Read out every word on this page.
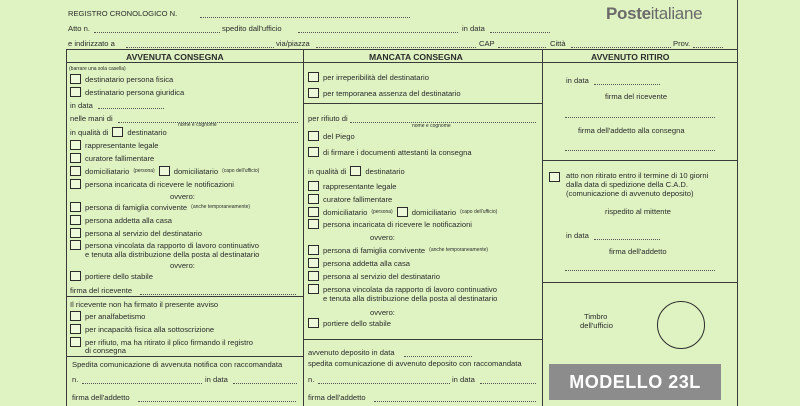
REGISTRO CRONOLOGICO N.
Atto n.	spedito dall'ufficio	in data
e indirizzato a	via/piazza	CAP	Città	Prov.
Posteitaliane
AVVENUTA CONSEGNA	MANCATA CONSEGNA	AVVENUTO RITIRO
(barrare una sola casella)
destinatario persona fisica
destinatario persona giuridica
in data
nelle mani di
nome e cognome
in qualità di	destinatario
rappresentante legale
curatore fallimentare
domiciliatario (persona)	domiciliatario (capo dell'ufficio)
persona incaricata di ricevere le notificazioni
ovvero:
persona di famiglia convivente (anche temporaneamente)
persona addetta alla casa
persona al servizio del destinatario
persona vincolata da rapporto di lavoro continuativo
e tenuta alla distribuzione della posta al destinatario
ovvero:
portiere dello stabile
firma del ricevente
Il ricevente non ha firmato il presente avviso
per analfabetismo
per incapacità fisica alla sottoscrizione
per rifiuto, ma ha ritirato il plico firmando il registro
di consegna
Spedita comunicazione di avvenuta notifica con raccomandata
n.	in data
firma dell'addetto
per irreperibilità del destinatario
per temporanea assenza del destinatario
per rifiuto di
nome e cognome
del Piego
di firmare i documenti attestanti la consegna
in qualità di	destinatario
rappresentante legale
curatore fallimentare
domiciliatario (persona)	domiciliatario (capo dell'ufficio)
persona incaricata di ricevere le notificazioni
ovvero:
persona di famiglia convivente (anche temporaneamente)
persona addetta alla casa
persona al servizio del destinatario
persona vincolata da rapporto di lavoro continuativo
e tenuta alla distribuzione della posta al destinatario
ovvero:
portiere dello stabile
avvenuto deposito in data
spedita comunicazione di avvenuto deposito con raccomandata
n.	in data
firma dell'addetto
in data
firma del ricevente
firma dell'addetto alla consegna
atto non ritirato entro il termine di 10 giorni
dalla data di spedizione della C.A.D.
(comunicazione di avvenuto deposito)
rispedito al mittente
in data
firma dell'addetto
Timbro
dell'ufficio
MODELLO 23L
